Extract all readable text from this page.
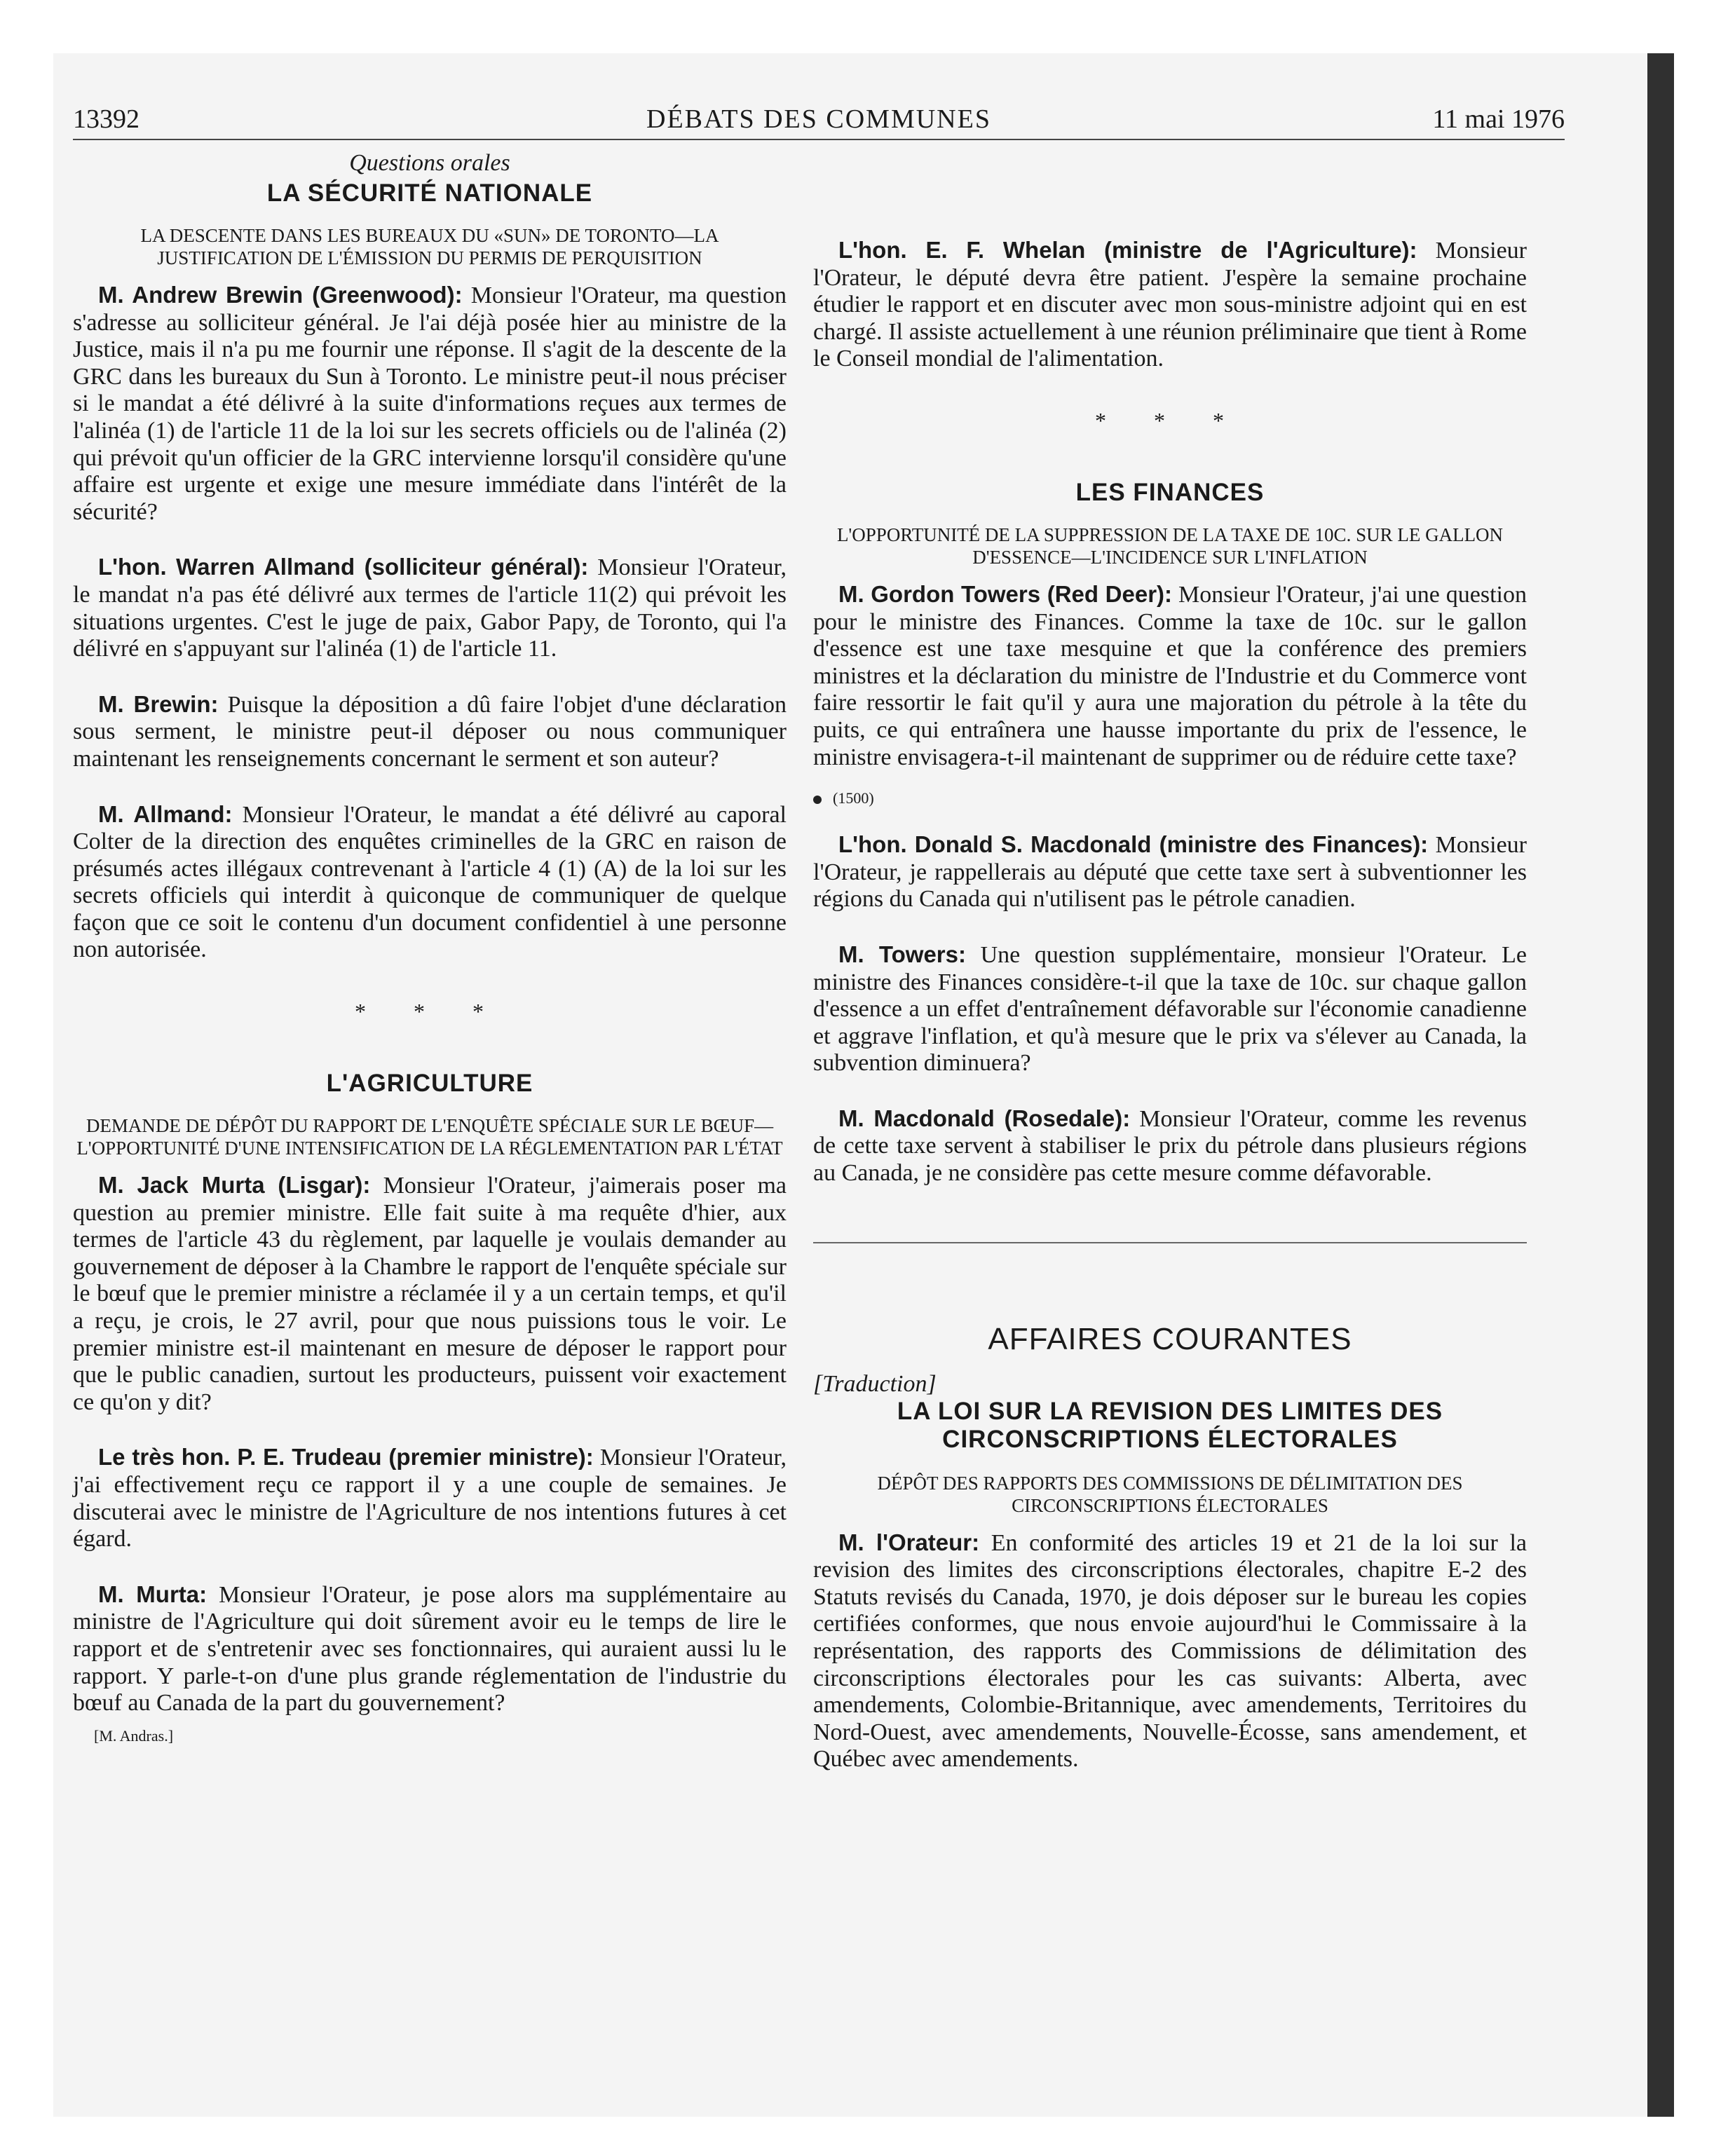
13392	DÉBATS DES COMMUNES	11 mai 1976

Questions orales

LA SÉCURITÉ NATIONALE

LA DESCENTE DANS LES BUREAUX DU «SUN» DE TORONTO—LA JUSTIFICATION DE L'ÉMISSION DU PERMIS DE PERQUISITION

M. Andrew Brewin (Greenwood): Monsieur l'Orateur, ma question s'adresse au solliciteur général. Je l'ai déjà posée hier au ministre de la Justice, mais il n'a pu me fournir une réponse. Il s'agit de la descente de la GRC dans les bureaux du Sun à Toronto. Le ministre peut-il nous préciser si le mandat a été délivré à la suite d'informations reçues aux termes de l'alinéa (1) de l'article 11 de la loi sur les secrets officiels ou de l'alinéa (2) qui prévoit qu'un officier de la GRC intervienne lorsqu'il considère qu'une affaire est urgente et exige une mesure immédiate dans l'intérêt de la sécurité?

L'hon. Warren Allmand (solliciteur général): Monsieur l'Orateur, le mandat n'a pas été délivré aux termes de l'article 11(2) qui prévoit les situations urgentes. C'est le juge de paix, Gabor Papy, de Toronto, qui l'a délivré en s'appuyant sur l'alinéa (1) de l'article 11.

M. Brewin: Puisque la déposition a dû faire l'objet d'une déclaration sous serment, le ministre peut-il déposer ou nous communiquer maintenant les renseignements concernant le serment et son auteur?

M. Allmand: Monsieur l'Orateur, le mandat a été délivré au caporal Colter de la direction des enquêtes criminelles de la GRC en raison de présumés actes illégaux contrevenant à l'article 4 (1) (A) de la loi sur les secrets officiels qui interdit à quiconque de communiquer de quelque façon que ce soit le contenu d'un document confidentiel à une personne non autorisée.

* * *

L'AGRICULTURE

DEMANDE DE DÉPÔT DU RAPPORT DE L'ENQUÊTE SPÉCIALE SUR LE BŒUF—L'OPPORTUNITÉ D'UNE INTENSIFICATION DE LA RÉGLEMENTATION PAR L'ÉTAT

M. Jack Murta (Lisgar): Monsieur l'Orateur, j'aimerais poser ma question au premier ministre. Elle fait suite à ma requête d'hier, aux termes de l'article 43 du règlement, par laquelle je voulais demander au gouvernement de déposer à la Chambre le rapport de l'enquête spéciale sur le bœuf que le premier ministre a réclamée il y a un certain temps, et qu'il a reçu, je crois, le 27 avril, pour que nous puissions tous le voir. Le premier ministre est-il maintenant en mesure de déposer le rapport pour que le public canadien, surtout les producteurs, puissent voir exactement ce qu'on y dit?

Le très hon. P. E. Trudeau (premier ministre): Monsieur l'Orateur, j'ai effectivement reçu ce rapport il y a une couple de semaines. Je discuterai avec le ministre de l'Agriculture de nos intentions futures à cet égard.

M. Murta: Monsieur l'Orateur, je pose alors ma supplémentaire au ministre de l'Agriculture qui doit sûrement avoir eu le temps de lire le rapport et de s'entretenir avec ses fonctionnaires, qui auraient aussi lu le rapport. Y parle-t-on d'une plus grande réglementation de l'industrie du bœuf au Canada de la part du gouvernement?

[M. Andras.]

L'hon. E. F. Whelan (ministre de l'Agriculture): Monsieur l'Orateur, le député devra être patient. J'espère la semaine prochaine étudier le rapport et en discuter avec mon sous-ministre adjoint qui en est chargé. Il assiste actuellement à une réunion préliminaire que tient à Rome le Conseil mondial de l'alimentation.

* * *

LES FINANCES

L'OPPORTUNITÉ DE LA SUPPRESSION DE LA TAXE DE 10C. SUR LE GALLON D'ESSENCE—L'INCIDENCE SUR L'INFLATION

M. Gordon Towers (Red Deer): Monsieur l'Orateur, j'ai une question pour le ministre des Finances. Comme la taxe de 10c. sur le gallon d'essence est une taxe mesquine et que la conférence des premiers ministres et la déclaration du ministre de l'Industrie et du Commerce vont faire ressortir le fait qu'il y aura une majoration du pétrole à la tête du puits, ce qui entraînera une hausse importante du prix de l'essence, le ministre envisagera-t-il maintenant de supprimer ou de réduire cette taxe?

(1500)

L'hon. Donald S. Macdonald (ministre des Finances): Monsieur l'Orateur, je rappellerais au député que cette taxe sert à subventionner les régions du Canada qui n'utilisent pas le pétrole canadien.

M. Towers: Une question supplémentaire, monsieur l'Orateur. Le ministre des Finances considère-t-il que la taxe de 10c. sur chaque gallon d'essence a un effet d'entraînement défavorable sur l'économie canadienne et aggrave l'inflation, et qu'à mesure que le prix va s'élever au Canada, la subvention diminuera?

M. Macdonald (Rosedale): Monsieur l'Orateur, comme les revenus de cette taxe servent à stabiliser le prix du pétrole dans plusieurs régions au Canada, je ne considère pas cette mesure comme défavorable.

AFFAIRES COURANTES

[Traduction]

LA LOI SUR LA REVISION DES LIMITES DES CIRCONSCRIPTIONS ÉLECTORALES

DÉPÔT DES RAPPORTS DES COMMISSIONS DE DÉLIMITATION DES CIRCONSCRIPTIONS ÉLECTORALES

M. l'Orateur: En conformité des articles 19 et 21 de la loi sur la revision des limites des circonscriptions électorales, chapitre E-2 des Statuts revisés du Canada, 1970, je dois déposer sur le bureau les copies certifiées conformes, que nous envoie aujourd'hui le Commissaire à la représentation, des rapports des Commissions de délimitation des circonscriptions électorales pour les cas suivants: Alberta, avec amendements, Colombie-Britannique, avec amendements, Territoires du Nord-Ouest, avec amendements, Nouvelle-Écosse, sans amendement, et Québec avec amendements.
